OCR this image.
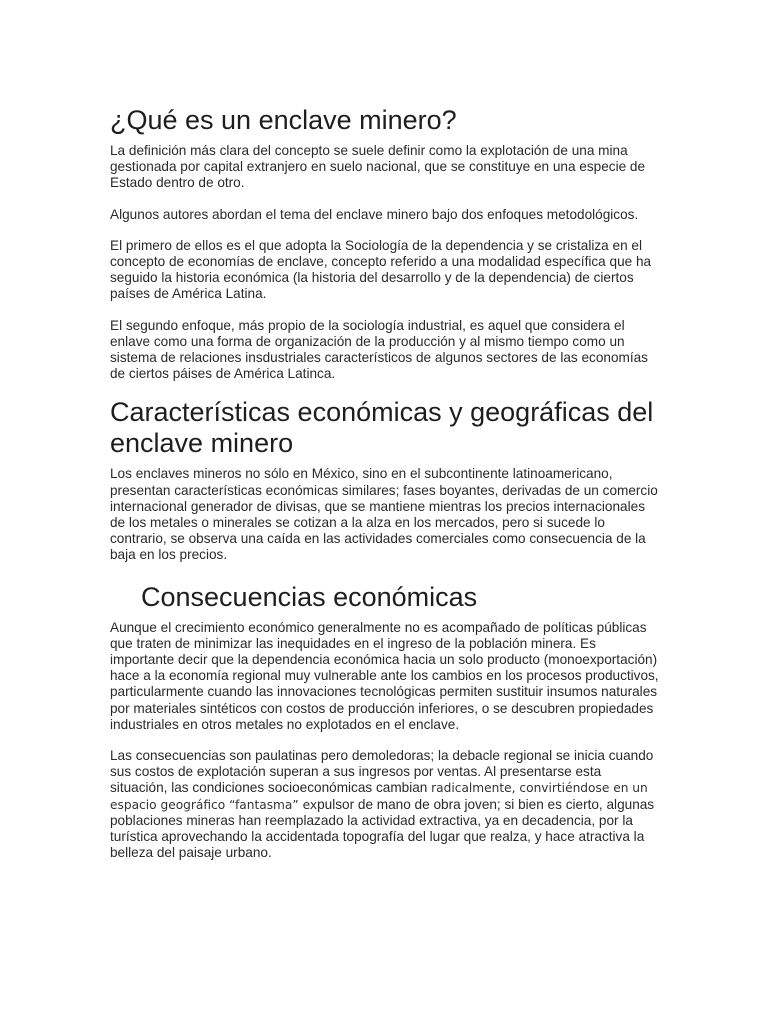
¿Qué es un enclave minero?

La definición más clara del concepto se suele definir como la explotación de una mina gestionada por capital extranjero en suelo nacional, que se constituye en una especie de Estado dentro de otro.

Algunos autores abordan el tema del enclave minero bajo dos enfoques metodológicos.

El primero de ellos es el que adopta la Sociología de la dependencia y se cristaliza en el concepto de economías de enclave, concepto referido a una modalidad específica que ha seguido la historia económica (la historia del desarrollo y de la dependencia) de ciertos países de América Latina.

El segundo enfoque, más propio de la sociología industrial, es aquel que considera el enlave como una forma de organización de la producción y al mismo tiempo como un sistema de relaciones insdustriales característicos de algunos sectores de las economías de ciertos páises de América Latinca.

Características económicas y geográficas del enclave minero

Los enclaves mineros no sólo en México, sino en el subcontinente latinoamericano, presentan características económicas similares; fases boyantes, derivadas de un comercio internacional generador de divisas, que se mantiene mientras los precios internacionales de los metales o minerales se cotizan a la alza en los mercados, pero si sucede lo contrario, se observa una caída en las actividades comerciales como consecuencia de la baja en los precios.

Consecuencias económicas

Aunque el crecimiento económico generalmente no es acompañado de políticas públicas que traten de minimizar las inequidades en el ingreso de la población minera. Es importante decir que la dependencia económica hacia un solo producto (monoexportación) hace a la economía regional muy vulnerable ante los cambios en los procesos productivos, particularmente cuando las innovaciones tecnológicas permiten sustituir insumos naturales por materiales sintéticos con costos de producción inferiores, o se descubren propiedades industriales en otros metales no explotados en el enclave.

Las consecuencias son paulatinas pero demoledoras; la debacle regional se inicia cuando sus costos de explotación superan a sus ingresos por ventas. Al presentarse esta situación, las condiciones socioeconómicas cambian radicalmente, convirtiéndose en un espacio geográfico “fantasma” expulsor de mano de obra joven; si bien es cierto, algunas poblaciones mineras han reemplazado la actividad extractiva, ya en decadencia, por la turística aprovechando la accidentada topografía del lugar que realza, y hace atractiva la belleza del paisaje urbano.
